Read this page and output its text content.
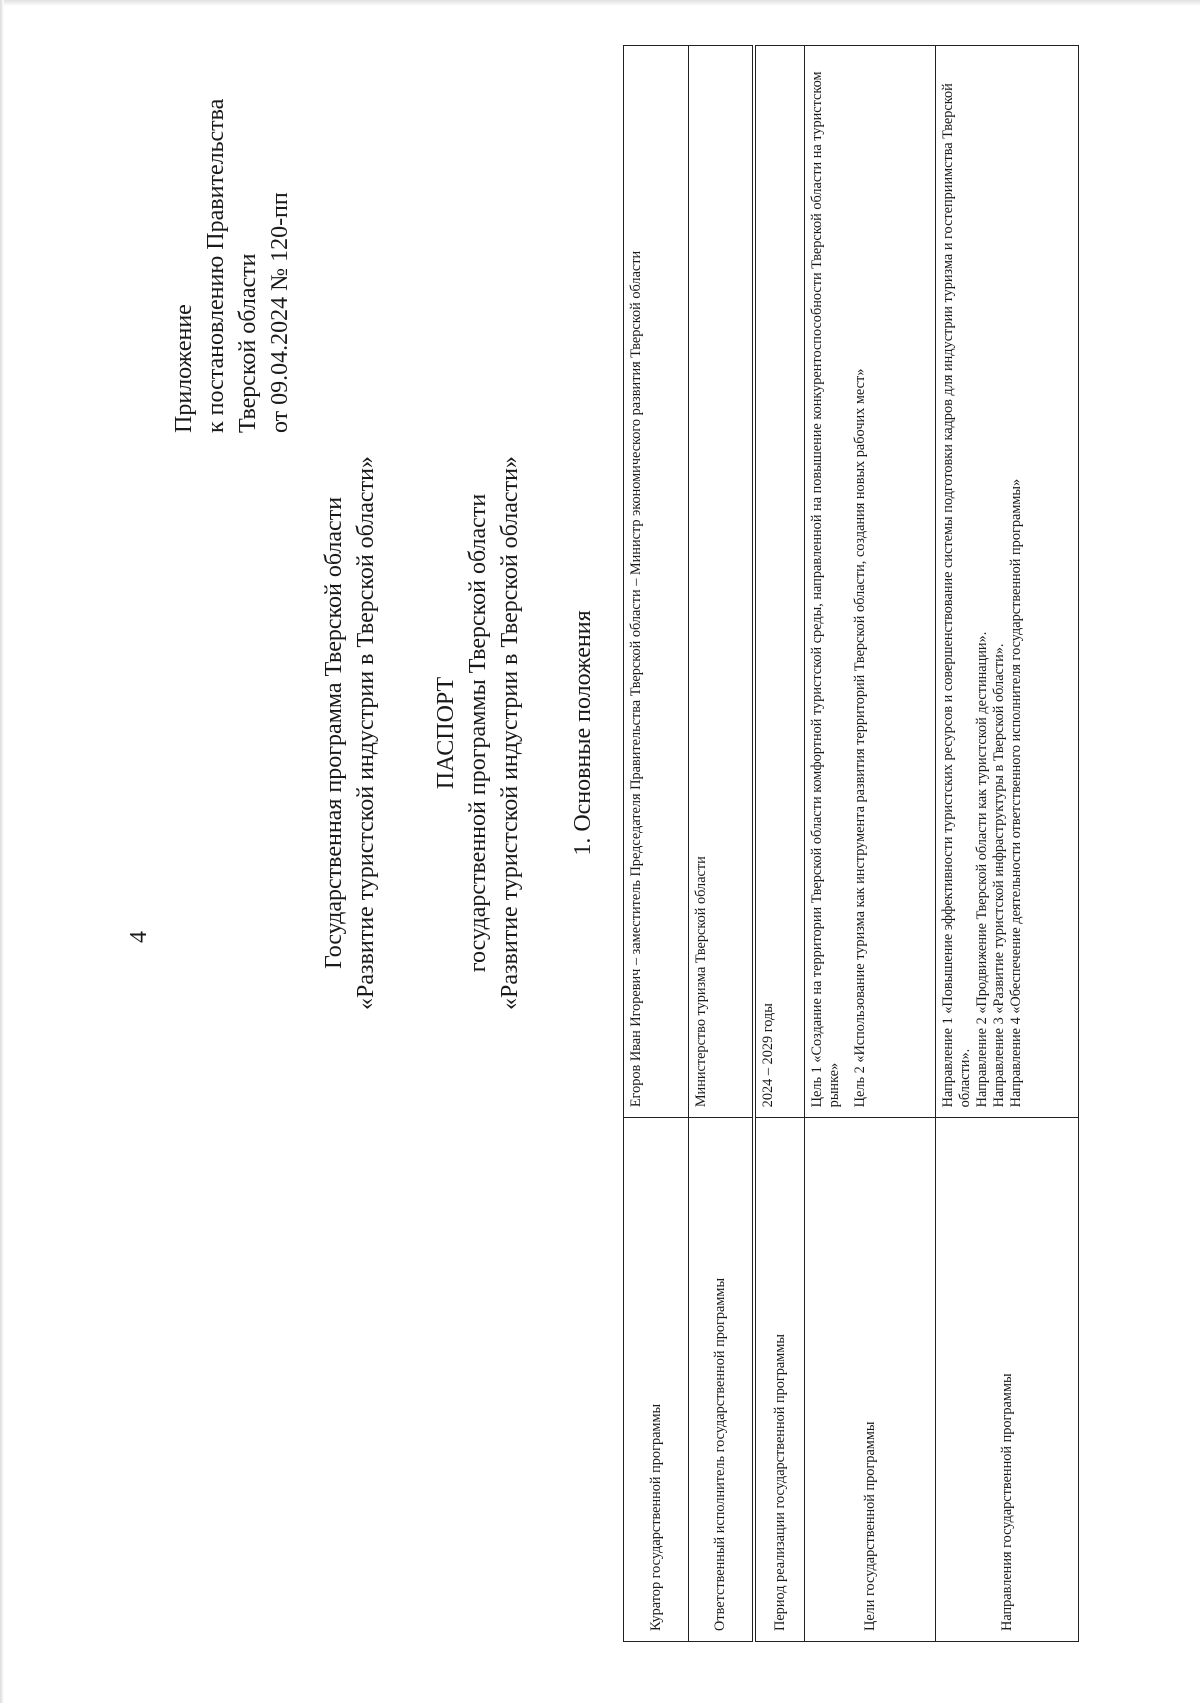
4
Приложение к постановлению Правительства Тверской области от 09.04.2024 № 120-пп
Государственная программа Тверской области «Развитие туристской индустрии в Тверской области» ПАСПОРТ государственной программы Тверской области «Развитие туристской индустрии в Тверской области» 1. Основные положения
Куратор государственной программы	Егоров Иван Игоревич – заместитель Председателя Правительства Тверской области – Министр экономического развития Тверской области
Ответственный исполнитель государственной программы	Министерство туризма Тверской области
Период реализации государственной программы	2024 – 2029 годы
Цели государственной программы	Цель 1 «Создание на территории Тверской области комфортной туристской среды, направленной на повышение конкурентоспособности Тверской области на туристском рынке» Цель 2 «Использование туризма как инструмента развития территорий Тверской области, создания новых рабочих мест»

Направления государственной программы	Направление 1 «Повышение эффективности туристских ресурсов и совершенствование системы подготовки кадров для индустрии туризма и гостеприимства Тверской области». Направление 2 «Продвижение Тверской области как туристской дестинации». Направление 3 «Развитие туристской инфраструктуры в Тверской области». Направление 4 «Обеспечение деятельности ответственного исполнителя государственной программы»
